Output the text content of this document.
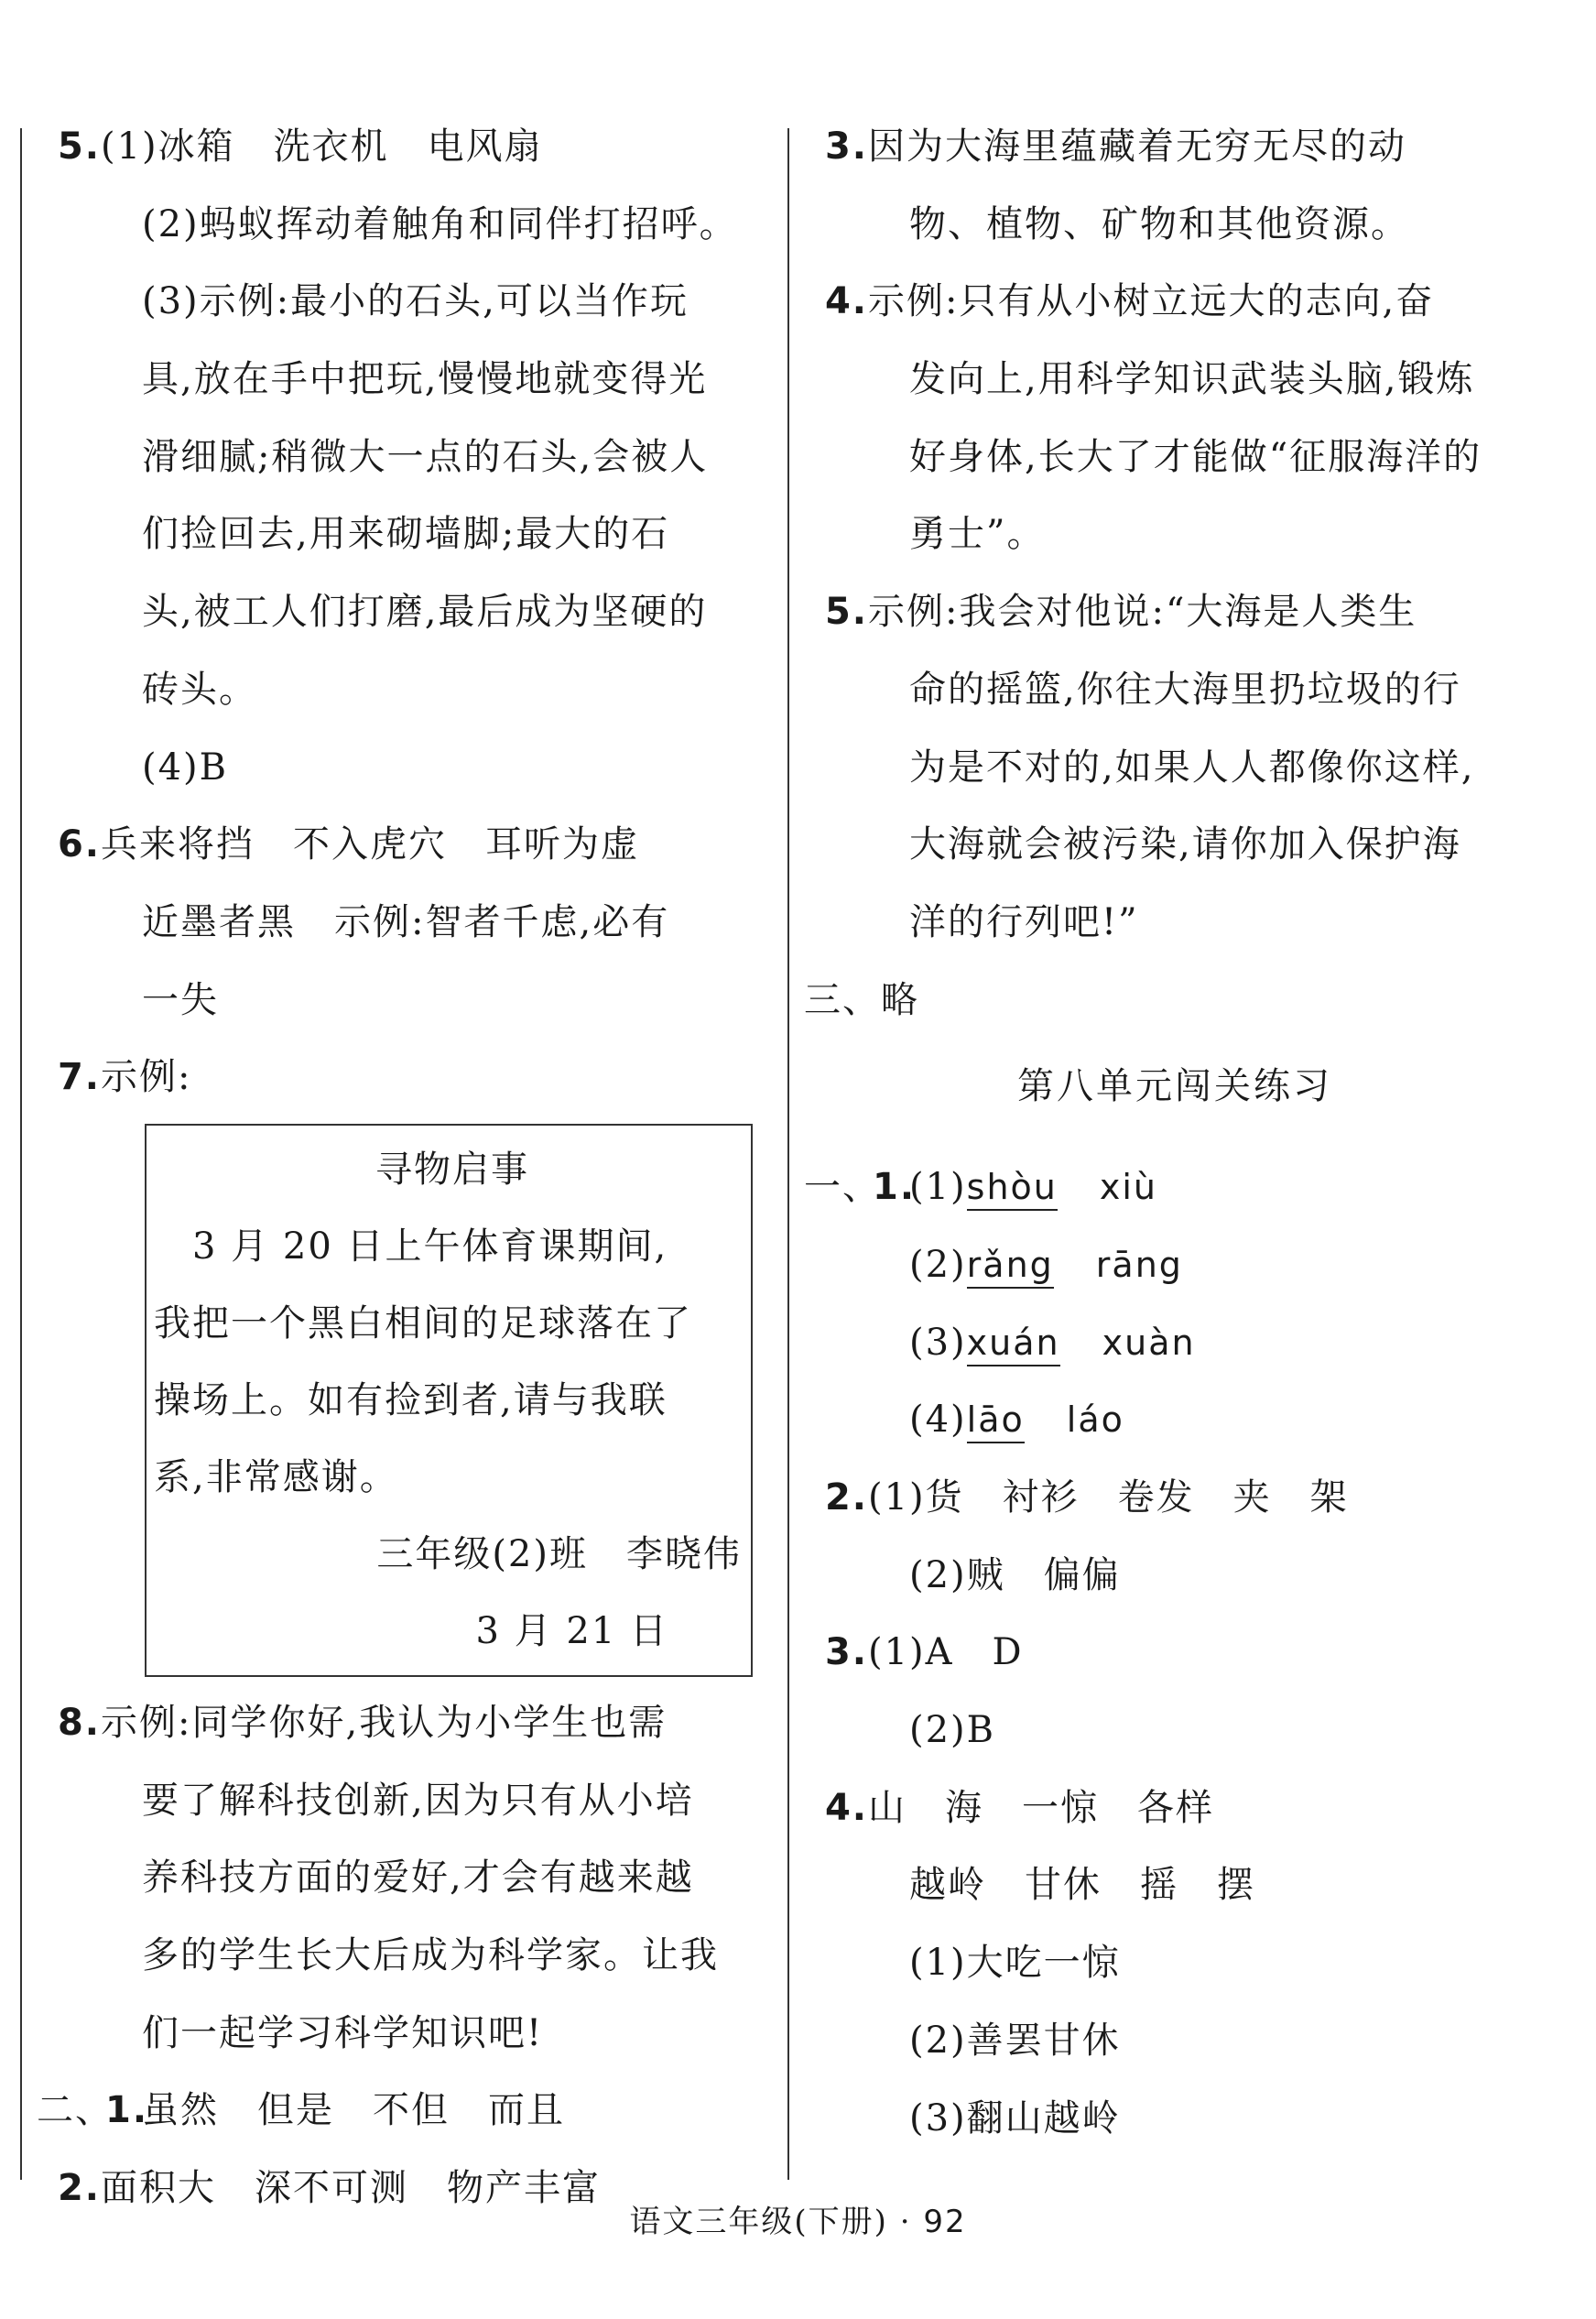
5.(1)冰箱　洗衣机　电风扇
(2)蚂蚁挥动着触角和同伴打招呼。
(3)示例:最小的石头,可以当作玩
具,放在手中把玩,慢慢地就变得光
滑细腻;稍微大一点的石头,会被人
们捡回去,用来砌墙脚;最大的石
头,被工人们打磨,最后成为坚硬的
砖头。
(4)B
6.兵来将挡　不入虎穴　耳听为虚
近墨者黑　示例:智者千虑,必有
一失
7.示例:
寻物启事
　3 月 20 日上午体育课期间,
我把一个黑白相间的足球落在了
操场上。如有捡到者,请与我联
系,非常感谢。
三年级(2)班　李晓伟
3 月 21 日
8.示例:同学你好,我认为小学生也需
要了解科技创新,因为只有从小培
养科技方面的爱好,才会有越来越
多的学生长大后成为科学家。让我
们一起学习科学知识吧!
二、1.虽然　但是　不但　而且
2.面积大　深不可测　物产丰富
3.因为大海里蕴藏着无穷无尽的动
物、植物、矿物和其他资源。
4.示例:只有从小树立远大的志向,奋
发向上,用科学知识武装头脑,锻炼
好身体,长大了才能做“征服海洋的
勇士”。
5.示例:我会对他说:“大海是人类生
命的摇篮,你往大海里扔垃圾的行
为是不对的,如果人人都像你这样,
大海就会被污染,请你加入保护海
洋的行列吧!”
三、略
第八单元闯关练习
一、1.(1)shòu xiù
(2)rǎng rāng
(3)xuán xuàn
(4)lāo láo
2.(1)货　衬衫　卷发　夹　架
(2)贼　偏偏
3.(1)A　D
(2)B
4.山　海　一惊　各样
越岭　甘休　摇　摆
(1)大吃一惊
(2)善罢甘休
(3)翻山越岭
语文三年级(下册) · 92
